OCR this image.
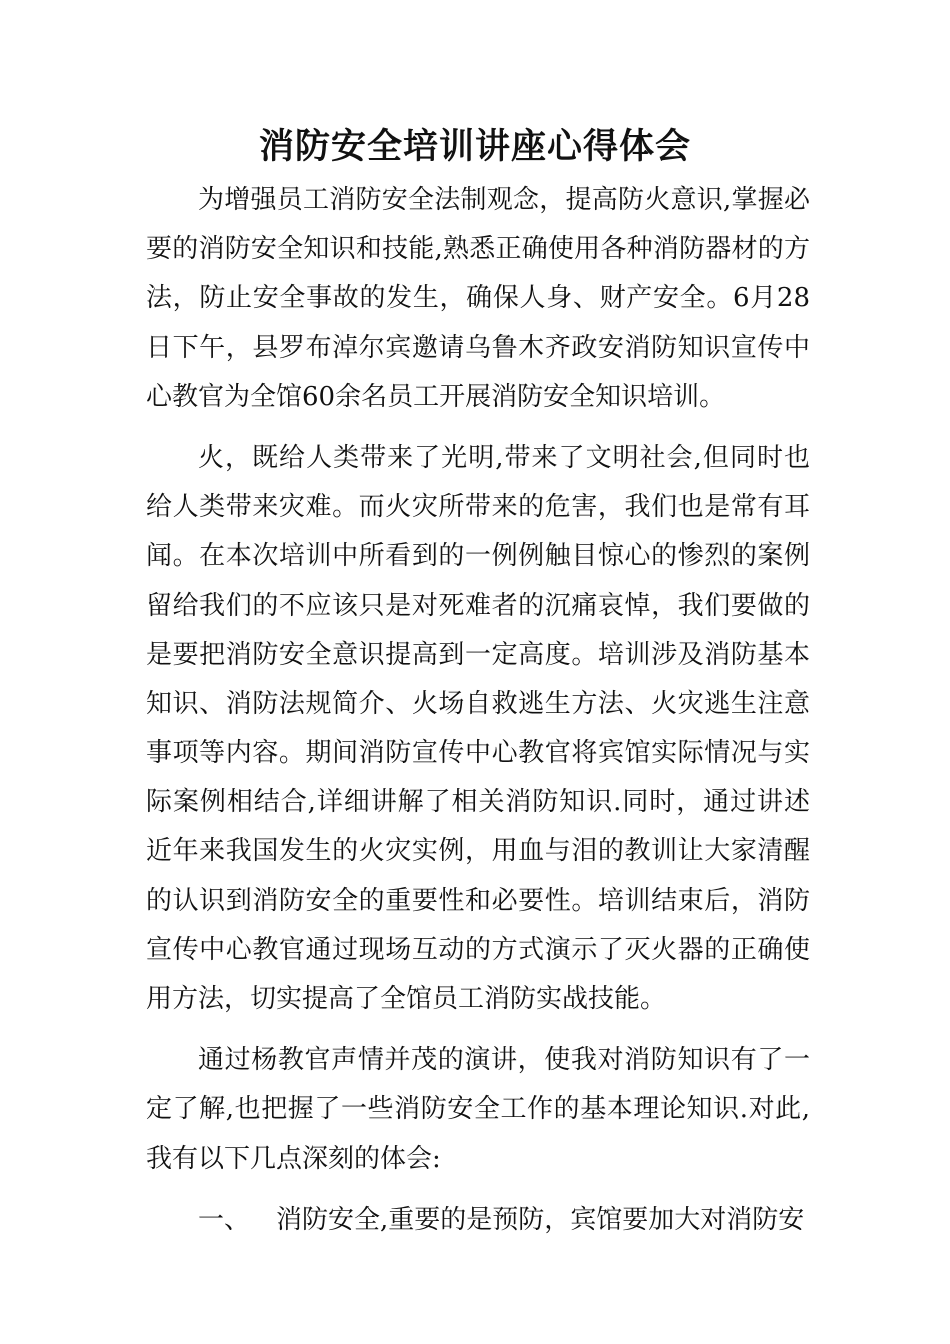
消防安全培训讲座心得体会
为增强员工消防安全法制观念，提高防火意识,掌握必
要的消防安全知识和技能,熟悉正确使用各种消防器材的方
法，防止安全事故的发生，确保人身、财产安全。6月28
日下午，县罗布淖尔宾邀请乌鲁木齐政安消防知识宣传中
心教官为全馆60余名员工开展消防安全知识培训。
火，既给人类带来了光明,带来了文明社会,但同时也
给人类带来灾难。而火灾所带来的危害，我们也是常有耳
闻。在本次培训中所看到的一例例触目惊心的惨烈的案例
留给我们的不应该只是对死难者的沉痛哀悼，我们要做的
是要把消防安全意识提高到一定高度。培训涉及消防基本
知识、消防法规简介、火场自救逃生方法、火灾逃生注意
事项等内容。期间消防宣传中心教官将宾馆实际情况与实
际案例相结合,详细讲解了相关消防知识.同时，通过讲述
近年来我国发生的火灾实例，用血与泪的教训让大家清醒
的认识到消防安全的重要性和必要性。培训结束后，消防
宣传中心教官通过现场互动的方式演示了灭火器的正确使
用方法，切实提高了全馆员工消防实战技能。
通过杨教官声情并茂的演讲，使我对消防知识有了一
定了解,也把握了一些消防安全工作的基本理论知识.对此,
我有以下几点深刻的体会:
一、 消防安全,重要的是预防，宾馆要加大对消防安
